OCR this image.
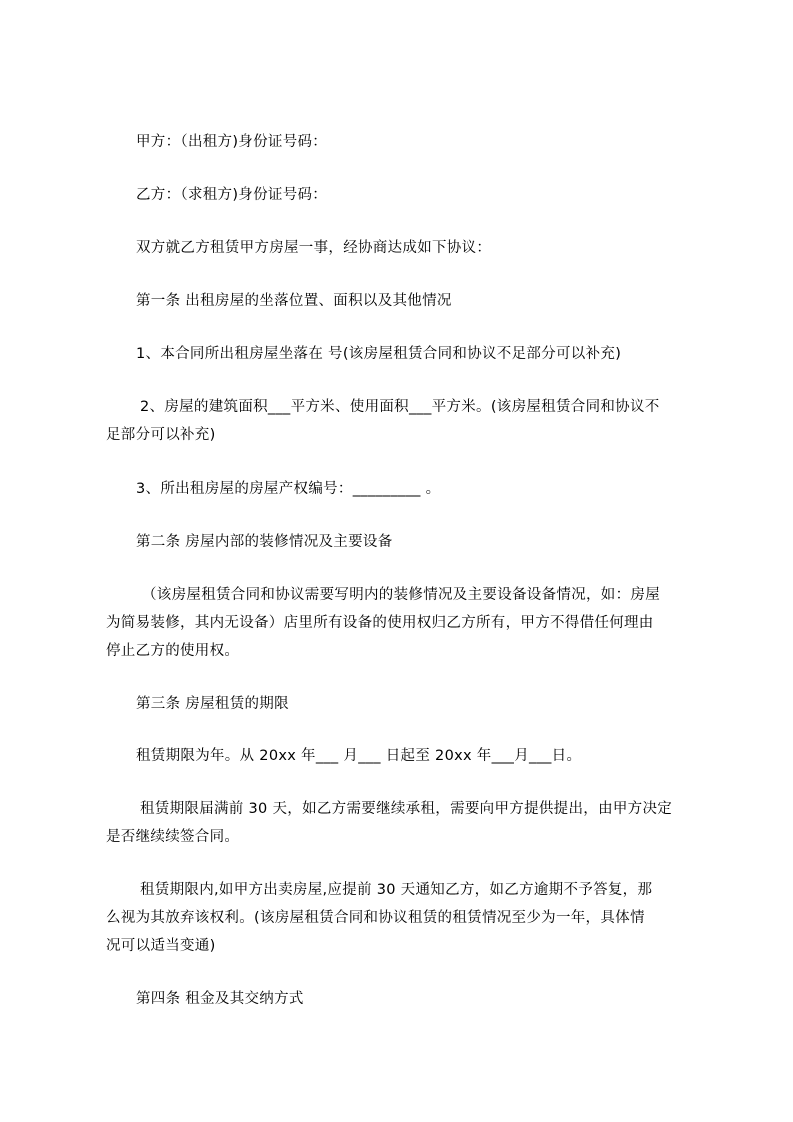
甲方：（出租方)身份证号码：
乙方：（求租方)身份证号码：
双方就乙方租赁甲方房屋一事，经协商达成如下协议：
第一条 出租房屋的坐落位置、面积以及其他情况
1、本合同所出租房屋坐落在 号(该房屋租赁合同和协议不足部分可以补充)
2、房屋的建筑面积___平方米、使用面积___平方米。(该房屋租赁合同和协议不
足部分可以补充)
3、所出租房屋的房屋产权编号：_________ 。
第二条 房屋内部的装修情况及主要设备
（该房屋租赁合同和协议需要写明内的装修情况及主要设备设备情况，如：房屋
为简易装修，其内无设备）店里所有设备的使用权归乙方所有，甲方不得借任何理由
停止乙方的使用权。
第三条 房屋租赁的期限
租赁期限为年。从 20xx 年___ 月___ 日起至 20xx 年___月___日。
租赁期限届满前 30 天，如乙方需要继续承租，需要向甲方提供提出，由甲方决定
是否继续续签合同。
租赁期限内,如甲方出卖房屋,应提前 30 天通知乙方，如乙方逾期不予答复，那
么视为其放弃该权利。(该房屋租赁合同和协议租赁的租赁情况至少为一年，具体情
况可以适当变通)
第四条 租金及其交纳方式
